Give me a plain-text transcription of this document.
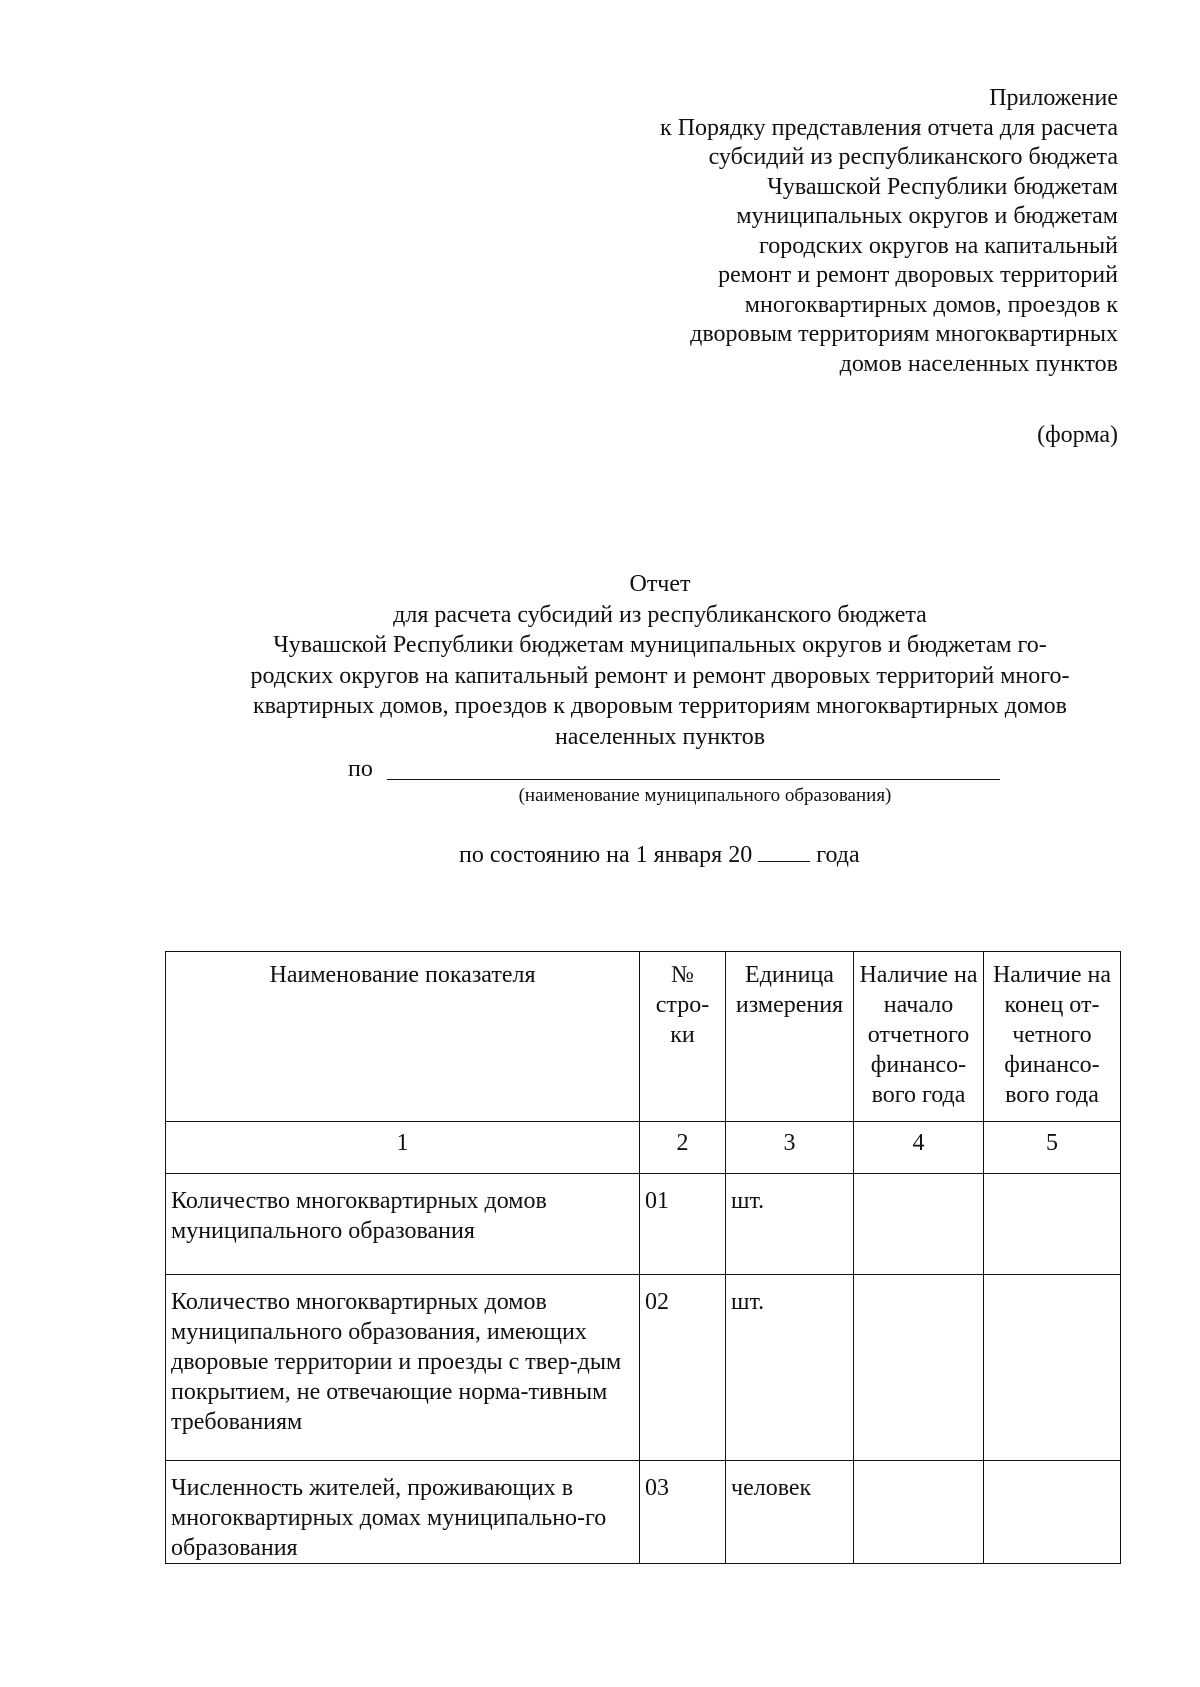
Приложение
к Порядку представления отчета для расчета
субсидий из республиканского бюджета
Чувашской Республики бюджетам
муниципальных округов и бюджетам
городских округов на капитальный
ремонт и ремонт дворовых территорий
многоквартирных домов, проездов к
дворовым территориям многоквартирных
домов населенных пунктов
(форма)
Отчет
для расчета субсидий из республиканского бюджета
Чувашской Республики бюджетам муниципальных округов и бюджетам го-
родских округов на капитальный ремонт и ремонт дворовых территорий много-
квартирных домов, проездов к дворовым территориям многоквартирных домов
населенных пунктов
по
(наименование муниципального образования)
по состоянию на 1 января 20	года
Наименование показателя	№ стро-ки	Единица измерения	Наличие на начало отчетного финансо-вого года	Наличие на конец от-четного финансо-вого года
1	2	3	4	5
Количество многоквартирных домов муниципального образования	01	шт.		
Количество многоквартирных домов муниципального образования, имеющих дворовые территории и проезды с твер-дым покрытием, не отвечающие норма-тивным требованиям	02	шт.		
Численность жителей, проживающих в многоквартирных домах муниципально-го образования	03	человек		
